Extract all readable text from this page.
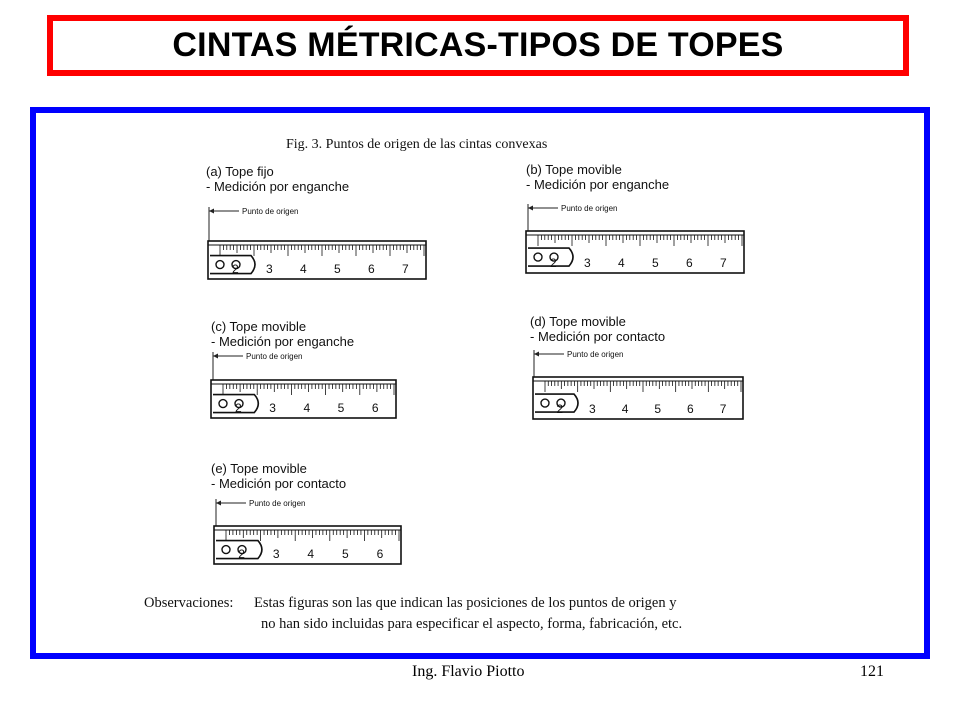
CINTAS MÉTRICAS-TIPOS DE TOPES
Fig. 3. Puntos de origen de las cintas convexas
(a) Tope fijo
- Medición por enganche
Punto de origen
2 3 4 5 6 7
(b) Tope movible
- Medición por enganche
Punto de origen
2 3 4 5 6 7
(c) Tope movible
- Medición por enganche
Punto de origen
2 3 4 5 6
(d) Tope movible
- Medición por contacto
Punto de origen
2 3 4 5 6 7
(e) Tope movible
- Medición por contacto
Punto de origen
2 3 4 5 6
Observaciones: Estas figuras son las que indican las posiciones de los puntos de origen y
no han sido incluidas para especificar el aspecto, forma, fabricación, etc.
Ing. Flavio Piotto	121
